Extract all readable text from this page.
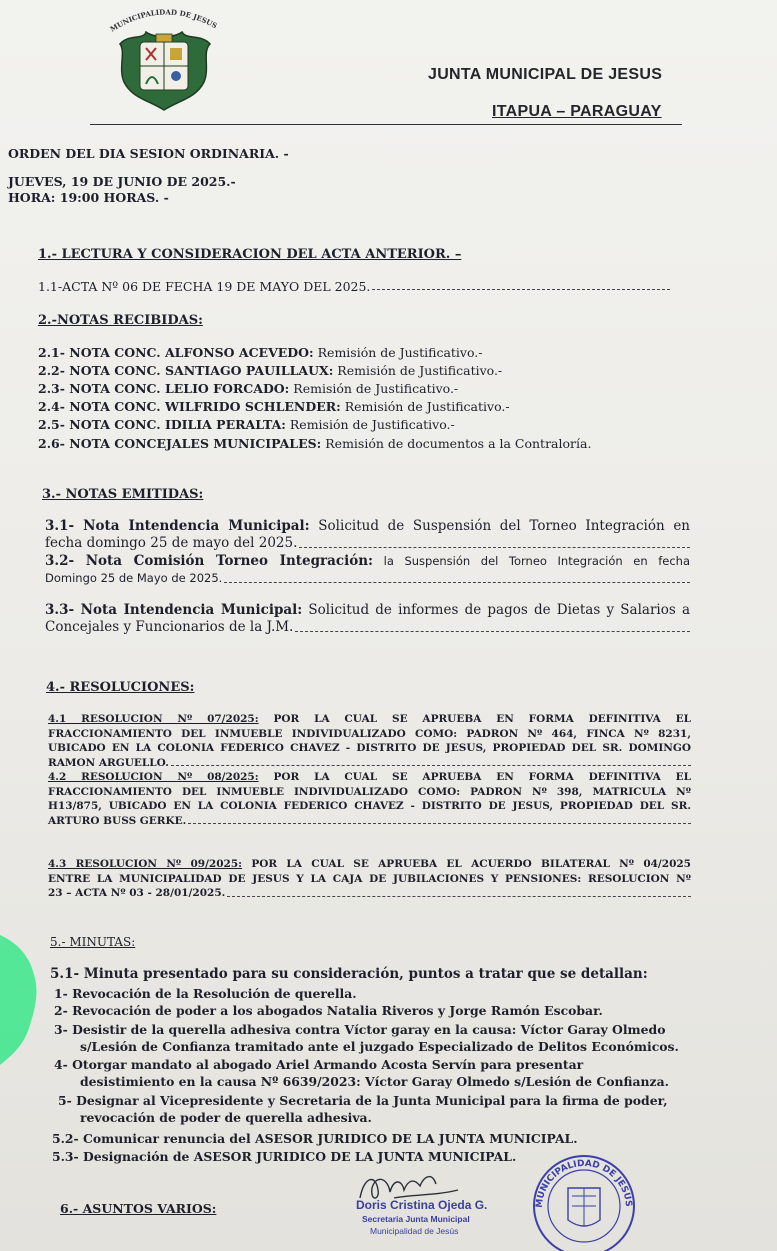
MUNICIPALIDAD DE JESUS
JUNTA MUNICIPAL DE JESUS
ITAPUA – PARAGUAY
ORDEN DEL DIA SESION ORDINARIA. -
JUEVES, 19 DE JUNIO DE 2025.-
HORA: 19:00 HORAS. -
1.- LECTURA Y CONSIDERACION DEL ACTA ANTERIOR. –
1.1-ACTA Nº 06 DE FECHA 19 DE MAYO DEL 2025.
2.-NOTAS RECIBIDAS:
2.1- NOTA CONC. ALFONSO ACEVEDO: Remisión de Justificativo.-
2.2- NOTA CONC. SANTIAGO PAUILLAUX: Remisión de Justificativo.-
2.3- NOTA CONC. LELIO FORCADO: Remisión de Justificativo.-
2.4- NOTA CONC. WILFRIDO SCHLENDER: Remisión de Justificativo.-
2.5- NOTA CONC. IDILIA PERALTA: Remisión de Justificativo.-
2.6- NOTA CONCEJALES MUNICIPALES: Remisión de documentos a la Contraloría.
3.- NOTAS EMITIDAS:

3.1- Nota Intendencia Municipal: Solicitud de Suspensión del Torneo Integración en

fecha domingo 25 de mayo del 2025.

3.2- Nota Comisión Torneo Integración: la Suspensión del Torneo Integración en fecha

Domingo 25 de Mayo de 2025.

3.3- Nota Intendencia Municipal: Solicitud de informes de pagos de Dietas y Salarios a

Concejales y Funcionarios de la J.M.
4.- RESOLUCIONES:

4.1 RESOLUCION Nº 07/2025: POR LA CUAL SE APRUEBA EN FORMA DEFINITIVA EL

FRACCIONAMIENTO DEL INMUEBLE INDIVIDUALIZADO COMO: PADRON Nº 464, FINCA Nº 8231,

UBICADO EN LA COLONIA FEDERICO CHAVEZ - DISTRITO DE JESUS, PROPIEDAD DEL SR. DOMINGO

RAMON ARGUELLO.

4.2 RESOLUCION Nº 08/2025: POR LA CUAL SE APRUEBA EN FORMA DEFINITIVA EL

FRACCIONAMIENTO DEL INMUEBLE INDIVIDUALIZADO COMO: PADRON Nº 398, MATRICULA Nº

H13/875, UBICADO EN LA COLONIA FEDERICO CHAVEZ - DISTRITO DE JESUS, PROPIEDAD DEL SR.

ARTURO BUSS GERKE.

4.3 RESOLUCION Nº 09/2025: POR LA CUAL SE APRUEBA EL ACUERDO BILATERAL Nº 04/2025

ENTRE LA MUNICIPALIDAD DE JESUS Y LA CAJA DE JUBILACIONES Y PENSIONES: RESOLUCION Nº

23 – ACTA Nº 03 - 28/01/2025.
5.- MINUTAS:
5.1- Minuta presentado para su consideración, puntos a tratar que se detallan:
1- Revocación de la Resolución de querella.
2- Revocación de poder a los abogados Natalia Riveros y Jorge Ramón Escobar.
3- Desistir de la querella adhesiva contra Víctor garay en la causa: Víctor Garay Olmedo
s/Lesión de Confianza tramitado ante el juzgado Especializado de Delitos Económicos.
4- Otorgar mandato al abogado Ariel Armando Acosta Servín para presentar
desistimiento en la causa Nº 6639/2023: Víctor Garay Olmedo s/Lesión de Confianza.
5- Designar al Vicepresidente y Secretaria de la Junta Municipal para la firma de poder,
revocación de poder de querella adhesiva.
5.2- Comunicar renuncia del ASESOR JURIDICO DE LA JUNTA MUNICIPAL.
5.3- Designación de ASESOR JURIDICO DE LA JUNTA MUNICIPAL.
6.- ASUNTOS VARIOS:	Doris Cristina Ojeda G.
Secretaria Junta Municipal
Municipalidad de Jesús
MUNICIPALIDAD DE JESUS
